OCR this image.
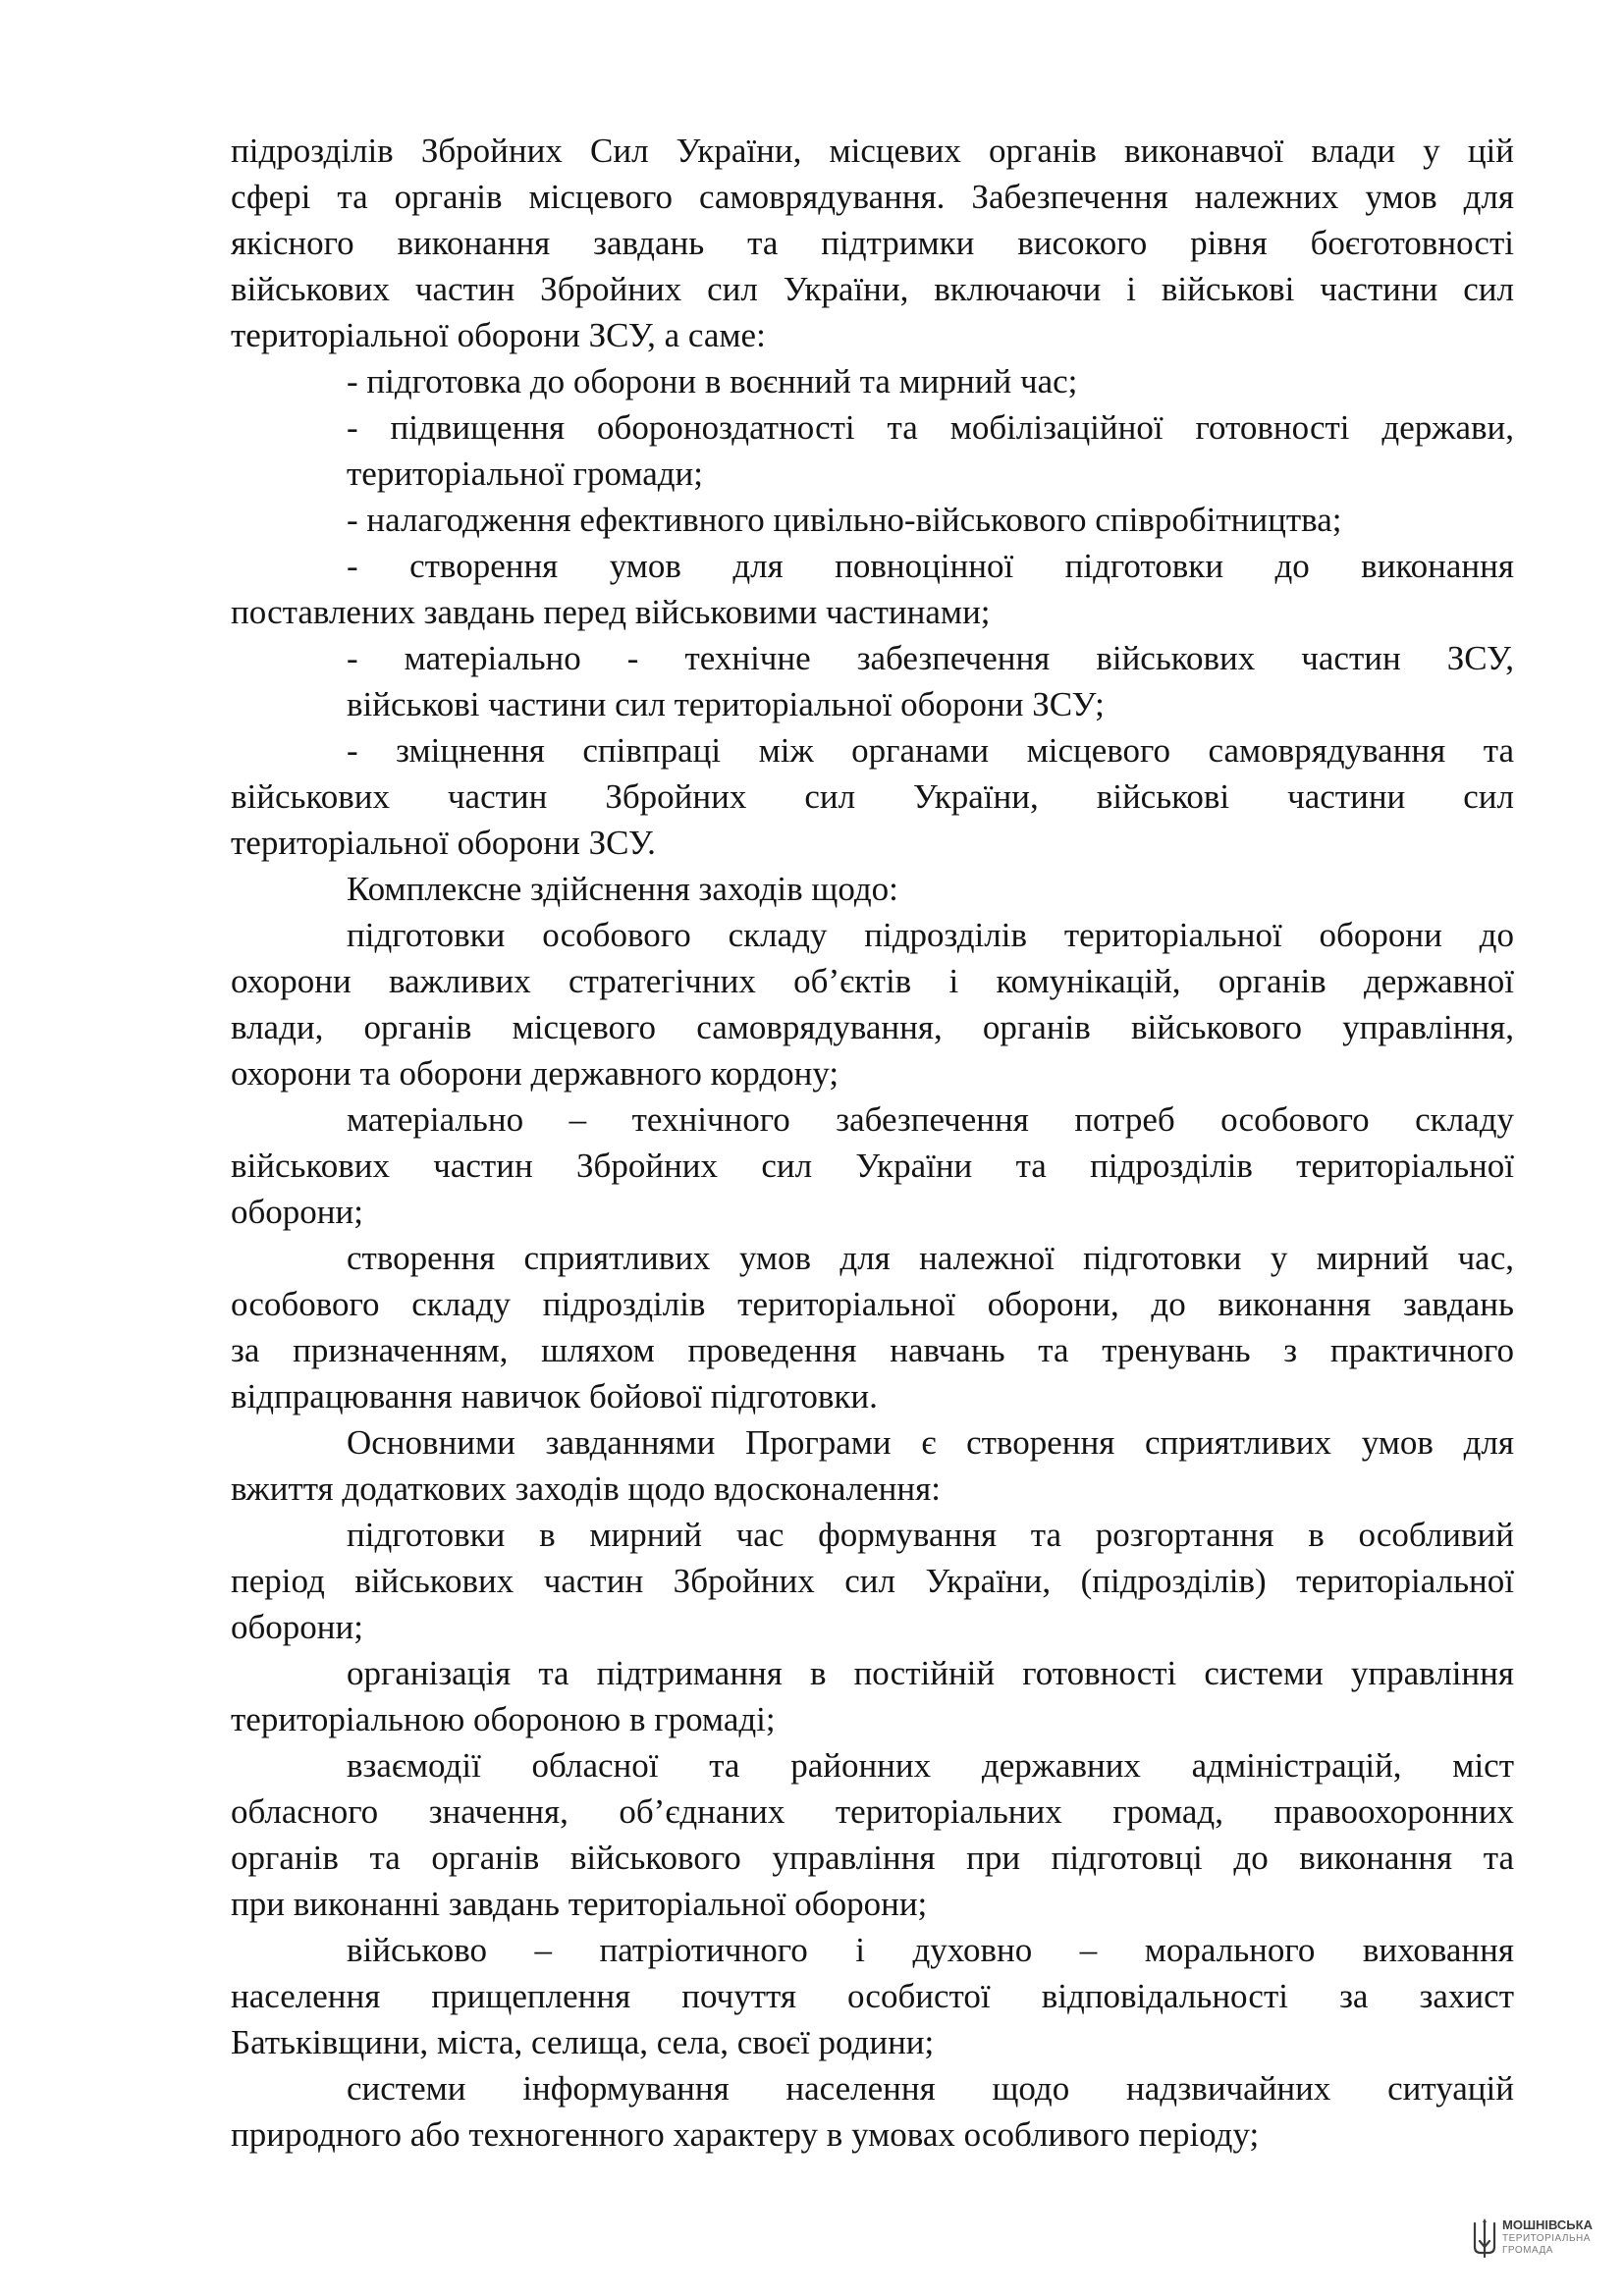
підрозділів Збройних Сил України, місцевих органів виконавчої влади у цій
сфері та органів місцевого самоврядування. Забезпечення належних умов для
якісного виконання завдань та підтримки високого рівня боєготовності
військових частин Збройних сил України, включаючи і військові частини сил
територіальної оборони ЗСУ, а саме:
- підготовка до оборони в воєнний та мирний час;
- підвищення обороноздатності та мобілізаційної готовності держави,
територіальної громади;
- налагодження ефективного цивільно-військового співробітництва;
- створення умов для повноцінної підготовки до виконання
поставлених завдань перед військовими частинами;
- матеріально - технічне забезпечення військових частин ЗСУ,
військові частини сил територіальної оборони ЗСУ;
- зміцнення співпраці між органами місцевого самоврядування та
військових частин Збройних сил України, військові частини сил
територіальної оборони ЗСУ.
Комплексне здійснення заходів щодо:
підготовки особового складу підрозділів територіальної оборони до
охорони важливих стратегічних об’єктів і комунікацій, органів державної
влади, органів місцевого самоврядування, органів військового управління,
охорони та оборони державного кордону;
матеріально – технічного забезпечення потреб особового складу
військових частин Збройних сил України та підрозділів територіальної
оборони;
створення сприятливих умов для належної підготовки у мирний час,
особового складу підрозділів територіальної оборони, до виконання завдань
за призначенням, шляхом проведення навчань та тренувань з практичного
відпрацювання навичок бойової підготовки.
Основними завданнями Програми є створення сприятливих умов для
вжиття додаткових заходів щодо вдосконалення:
підготовки в мирний час формування та розгортання в особливий
період військових частин Збройних сил України, (підрозділів) територіальної
оборони;
організація та підтримання в постійній готовності системи управління
територіальною обороною в громаді;
взаємодії обласної та районних державних адміністрацій, міст
обласного значення, об’єднаних територіальних громад, правоохоронних
органів та органів військового управління при підготовці до виконання та
при виконанні завдань територіальної оборони;
військово – патріотичного і духовно – морального виховання
населення прищеплення почуття особистої відповідальності за захист
Батьківщини, міста, селища, села, своєї родини;
системи інформування населення щодо надзвичайних ситуацій
природного або техногенного характеру в умовах особливого періоду;
МОШНІВСЬКА
ТЕРИТОРІАЛЬНА
ГРОМАДА
